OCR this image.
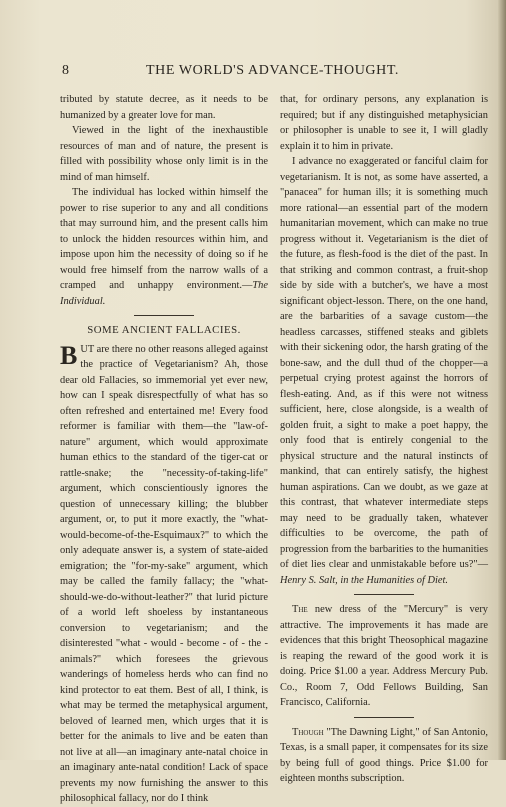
8	THE WORLD'S ADVANCE-THOUGHT.

tributed by statute decree, as it needs to be humanized by a greater love for man.

Viewed in the light of the inexhaustible resources of man and of nature, the present is filled with possibility whose only limit is in the mind of man himself.

The individual has locked within himself the power to rise superior to any and all conditions that may surround him, and the present calls him to unlock the hidden resources within him, and impose upon him the necessity of doing so if he would free himself from the narrow walls of a cramped and unhappy environment.—The Individual.

SOME ANCIENT FALLACIES.

BUT are there no other reasons alleged against the practice of Vegetarianism? Ah, those dear old Fallacies, so immemorial yet ever new, how can I speak disrespectfully of what has so often refreshed and entertained me! Every food reformer is familiar with them—the "law-of-nature" argument, which would approximate human ethics to the standard of the tiger-cat or rattle-snake; the "necessity-of-taking-life" argument, which conscientiously ignores the question of unnecessary killing; the blubber argument, or, to put it more exactly, the "what-would-become-of-the-Esquimaux?" to which the only adequate answer is, a system of state-aided emigration; the "for-my-sake" argument, which may be called the family fallacy; the "what-should-we-do-without-leather?" that lurid picture of a world left shoeless by instantaneous conversion to vegetarianism; and the disinterested "what - would - become - of - the - animals?" which foresees the grievous wanderings of homeless herds who can find no kind protector to eat them. Best of all, I think, is what may be termed the metaphysical argument, beloved of learned men, which urges that it is better for the animals to live and be eaten than not live at all—an imaginary ante-natal choice in an imaginary ante-natal condition! Lack of space prevents my now furnishing the answer to this philosophical fallacy, nor do I think

that, for ordinary persons, any explanation is required; but if any distinguished metaphysician or philosopher is unable to see it, I will gladly explain it to him in private.

I advance no exaggerated or fanciful claim for vegetarianism. It is not, as some have asserted, a "panacea" for human ills; it is something much more rational—an essential part of the modern humanitarian movement, which can make no true progress without it. Vegetarianism is the diet of the future, as flesh-food is the diet of the past. In that striking and common contrast, a fruit-shop side by side with a butcher's, we have a most significant object-lesson. There, on the one hand, are the barbarities of a savage custom—the headless carcasses, stiffened steaks and giblets with their sickening odor, the harsh grating of the bone-saw, and the dull thud of the chopper—a perpetual crying protest against the horrors of flesh-eating. And, as if this were not witness sufficient, here, close alongside, is a wealth of golden fruit, a sight to make a poet happy, the only food that is entirely congenial to the physical structure and the natural instincts of mankind, that can entirely satisfy, the highest human aspirations. Can we doubt, as we gaze at this contrast, that whatever intermediate steps may need to be gradually taken, whatever difficulties to be overcome, the path of progression from the barbarities to the humanities of diet lies clear and unmistakable before us?"—Henry S. Salt, in the Humanities of Diet.

The new dress of the "Mercury" is very attractive. The improvements it has made are evidences that this bright Theosophical magazine is reaping the reward of the good work it is doing. Price $1.00 a year. Address Mercury Pub. Co., Room 7, Odd Fellows Building, San Francisco, California.

Though "The Dawning Light," of San Antonio, Texas, is a small paper, it compensates for its size by being full of good things. Price $1.00 for eighteen months subscription.
